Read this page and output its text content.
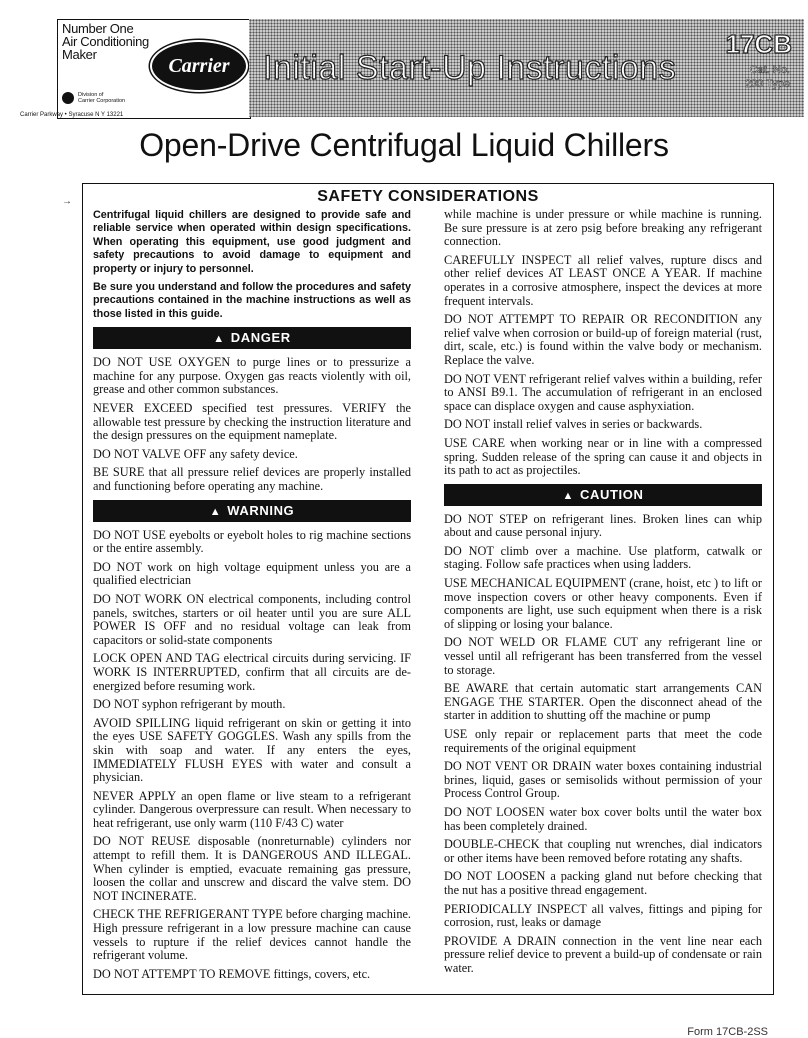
Number One
Air Conditioning
Maker	Carrier
Division of
Carrier Corporation
Carrier Parkway • Syracuse N Y 13221
Initial Start-Up Instructions
17CB
Cat. No.
200 Type
Open-Drive Centrifugal Liquid Chillers
→	SAFETY CONSIDERATIONS

Centrifugal liquid chillers are designed to provide safe and reliable service when operated within design specifications. When operating this equipment, use good judgment and safety precautions to avoid damage to equipment and property or injury to personnel.

Be sure you understand and follow the procedures and safety precautions contained in the machine instructions as well as those listed in this guide.

▲ DANGER

DO NOT USE OXYGEN to purge lines or to pressurize a machine for any purpose. Oxygen gas reacts violently with oil, grease and other common substances.

NEVER EXCEED specified test pressures. VERIFY the allowable test pressure by checking the instruction literature and the design pressures on the equipment nameplate.

DO NOT VALVE OFF any safety device.

BE SURE that all pressure relief devices are properly installed and functioning before operating any machine.

▲ WARNING

DO NOT USE eyebolts or eyebolt holes to rig machine sections or the entire assembly.

DO NOT work on high voltage equipment unless you are a qualified electrician

DO NOT WORK ON electrical components, including control panels, switches, starters or oil heater until you are sure ALL POWER IS OFF and no residual voltage can leak from capacitors or solid-state components

LOCK OPEN AND TAG electrical circuits during servicing. IF WORK IS INTERRUPTED, confirm that all circuits are de-energized before resuming work.

DO NOT syphon refrigerant by mouth.

AVOID SPILLING liquid refrigerant on skin or getting it into the eyes USE SAFETY GOGGLES. Wash any spills from the skin with soap and water. If any enters the eyes, IMMEDIATELY FLUSH EYES with water and consult a physician.

NEVER APPLY an open flame or live steam to a refrigerant cylinder. Dangerous overpressure can result. When necessary to heat refrigerant, use only warm (110 F/43 C) water

DO NOT REUSE disposable (nonreturnable) cylinders nor attempt to refill them. It is DANGEROUS AND ILLEGAL. When cylinder is emptied, evacuate remaining gas pressure, loosen the collar and unscrew and discard the valve stem. DO NOT INCINERATE.

CHECK THE REFRIGERANT TYPE before charging machine. High pressure refrigerant in a low pressure machine can cause vessels to rupture if the relief devices cannot handle the refrigerant volume.

DO NOT ATTEMPT TO REMOVE fittings, covers, etc.

while machine is under pressure or while machine is running. Be sure pressure is at zero psig before breaking any refrigerant connection.

CAREFULLY INSPECT all relief valves, rupture discs and other relief devices AT LEAST ONCE A YEAR. If machine operates in a corrosive atmosphere, inspect the devices at more frequent intervals.

DO NOT ATTEMPT TO REPAIR OR RECONDITION any relief valve when corrosion or build-up of foreign material (rust, dirt, scale, etc.) is found within the valve body or mechanism. Replace the valve.

DO NOT VENT refrigerant relief valves within a building, refer to ANSI B9.1. The accumulation of refrigerant in an enclosed space can displace oxygen and cause asphyxiation.

DO NOT install relief valves in series or backwards.

USE CARE when working near or in line with a compressed spring. Sudden release of the spring can cause it and objects in its path to act as projectiles.

▲ CAUTION

DO NOT STEP on refrigerant lines. Broken lines can whip about and cause personal injury.

DO NOT climb over a machine. Use platform, catwalk or staging. Follow safe practices when using ladders.

USE MECHANICAL EQUIPMENT (crane, hoist, etc ) to lift or move inspection covers or other heavy components. Even if components are light, use such equipment when there is a risk of slipping or losing your balance.

DO NOT WELD OR FLAME CUT any refrigerant line or vessel until all refrigerant has been transferred from the vessel to storage.

BE AWARE that certain automatic start arrangements CAN ENGAGE THE STARTER. Open the disconnect ahead of the starter in addition to shutting off the machine or pump

USE only repair or replacement parts that meet the code requirements of the original equipment

DO NOT VENT OR DRAIN water boxes containing industrial brines, liquid, gases or semisolids without permission of your Process Control Group.

DO NOT LOOSEN water box cover bolts until the water box has been completely drained.

DOUBLE-CHECK that coupling nut wrenches, dial indicators or other items have been removed before rotating any shafts.

DO NOT LOOSEN a packing gland nut before checking that the nut has a positive thread engagement.

PERIODICALLY INSPECT all valves, fittings and piping for corrosion, rust, leaks or damage

PROVIDE A DRAIN connection in the vent line near each pressure relief device to prevent a build-up of condensate or rain water.

Form 17CB-2SS
